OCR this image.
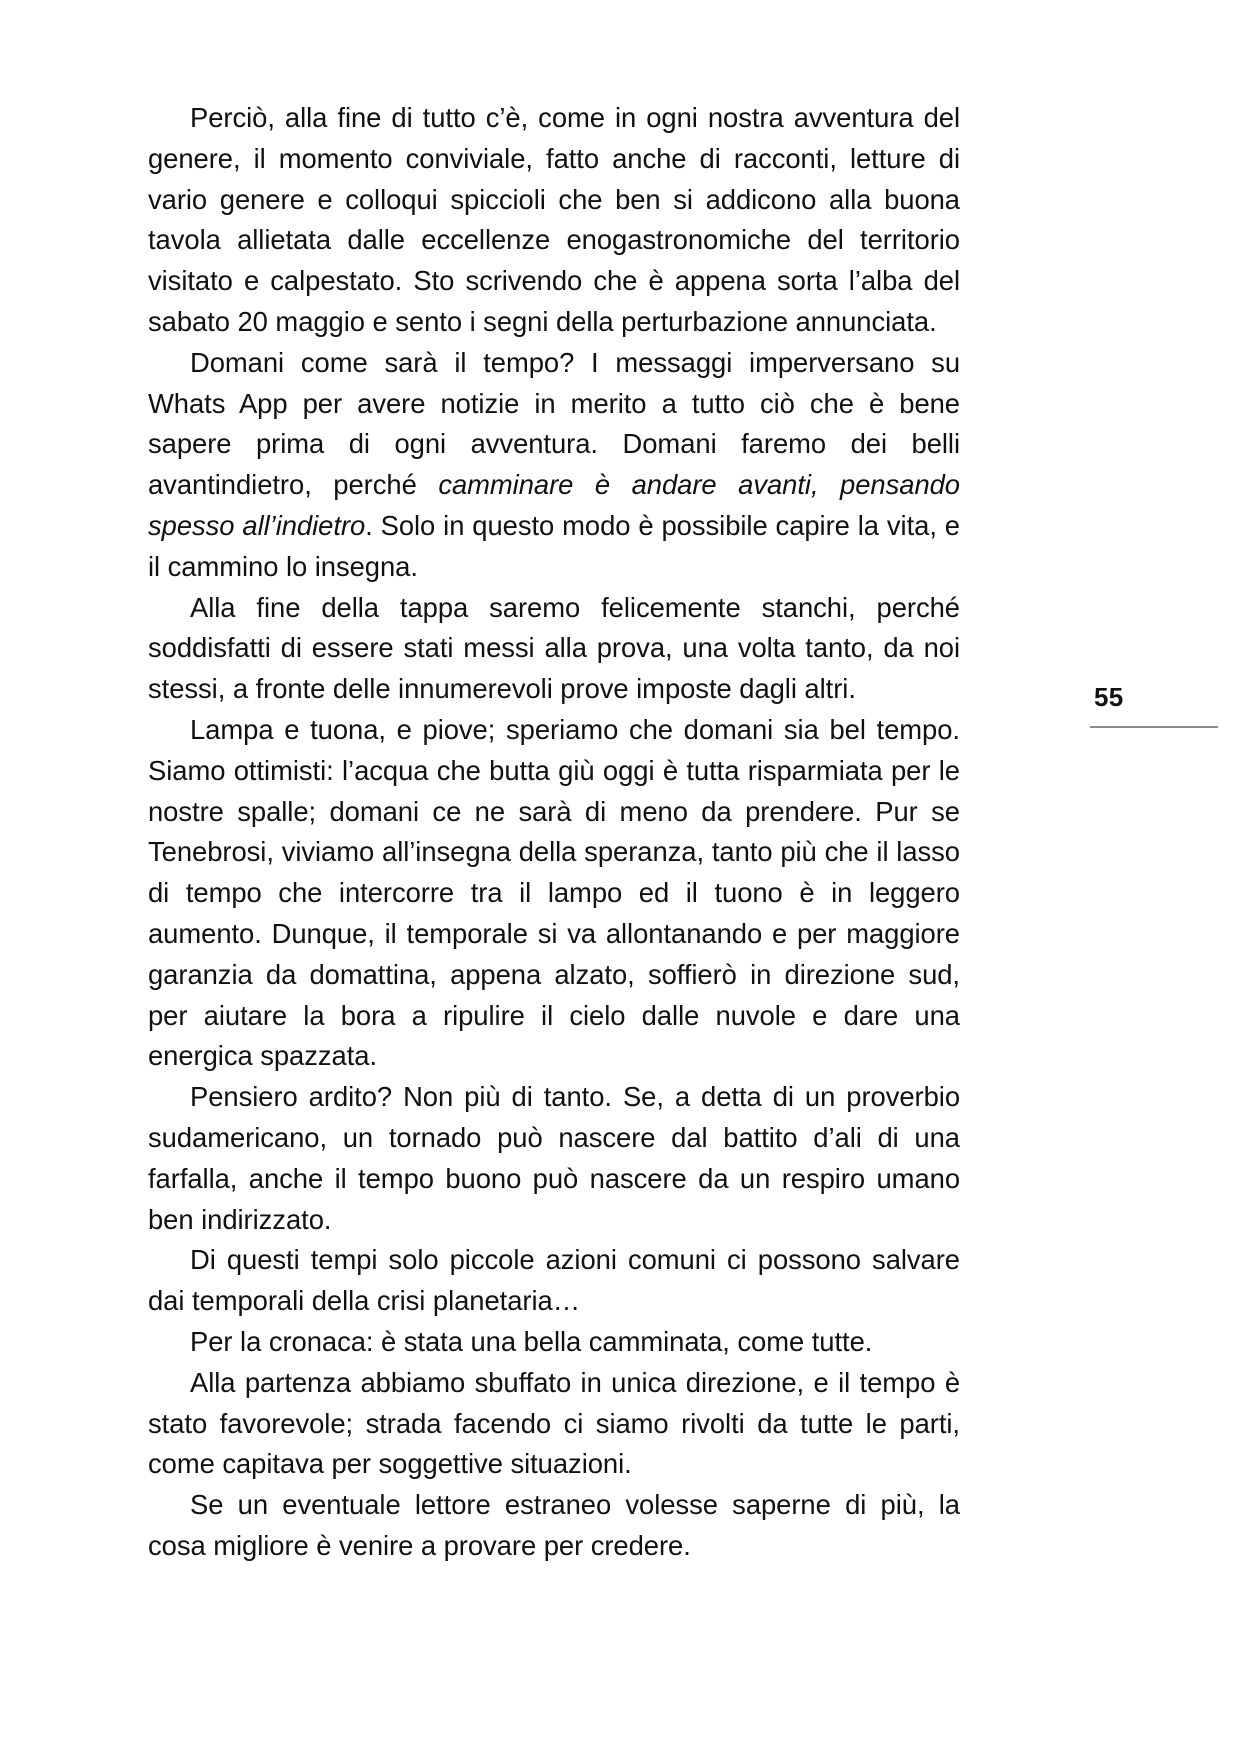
Perciò, alla fine di tutto c’è, come in ogni nostra avventura del genere, il momento conviviale, fatto anche di racconti, letture di vario genere e colloqui spiccioli che ben si addicono alla buona tavola allietata dalle eccellenze enogastronomiche del territorio visitato e calpestato. Sto scrivendo che è appena sorta l’alba del sabato 20 maggio e sento i segni della perturbazione annunciata.

Domani come sarà il tempo? I messaggi imperversano su Whats App per avere notizie in merito a tutto ciò che è bene sapere prima di ogni avventura. Domani faremo dei belli avantindietro, perché camminare è andare avanti, pensando spesso all’indietro. Solo in questo modo è possibile capire la vita, e il cammino lo insegna.

Alla fine della tappa saremo felicemente stanchi, perché soddisfatti di essere stati messi alla prova, una volta tanto, da noi stessi, a fronte delle innumerevoli prove imposte dagli altri.

Lampa e tuona, e piove; speriamo che domani sia bel tempo. Siamo ottimisti: l’acqua che butta giù oggi è tutta risparmiata per le nostre spalle; domani ce ne sarà di meno da prendere. Pur se Tenebrosi, viviamo all’insegna della speranza, tanto più che il lasso di tempo che intercorre tra il lampo ed il tuono è in leggero aumento. Dunque, il temporale si va allontanando e per maggiore garanzia da domattina, appena alzato, soffierò in direzione sud, per aiutare la bora a ripulire il cielo dalle nuvole e dare una energica spazzata.

Pensiero ardito? Non più di tanto. Se, a detta di un proverbio sudamericano, un tornado può nascere dal battito d’ali di una farfalla, anche il tempo buono può nascere da un respiro umano ben indirizzato.

Di questi tempi solo piccole azioni comuni ci possono salvare dai temporali della crisi planetaria…

Per la cronaca: è stata una bella camminata, come tutte.

Alla partenza abbiamo sbuffato in unica direzione, e il tempo è stato favorevole; strada facendo ci siamo rivolti da tutte le parti, come capitava per soggettive situazioni.

Se un eventuale lettore estraneo volesse saperne di più, la cosa migliore è venire a provare per credere.

55
